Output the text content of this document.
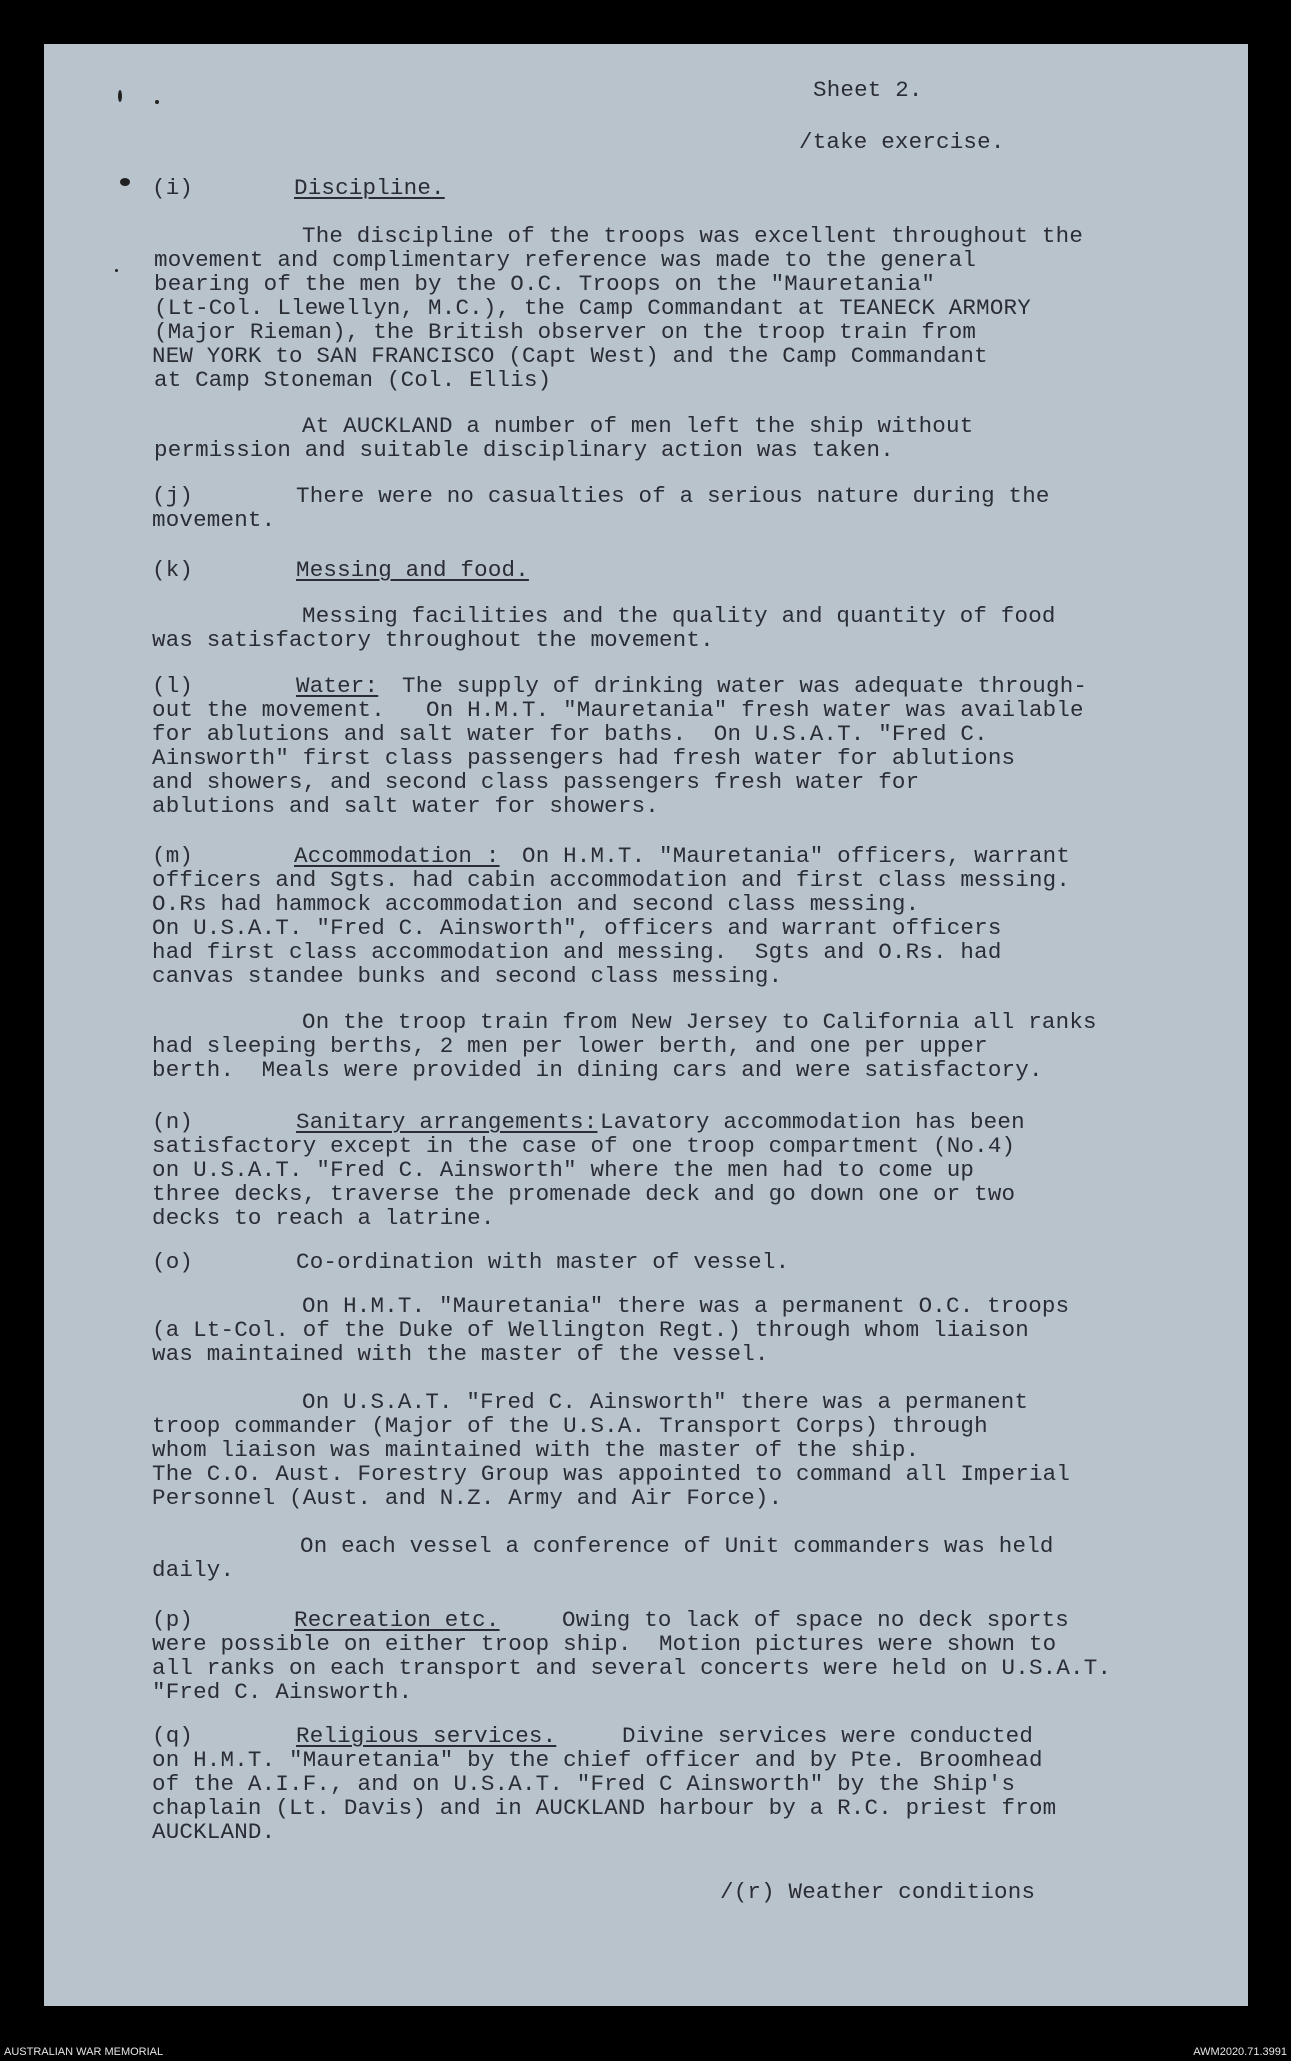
Sheet 2.
/take exercise.
(i)	Discipline.
The discipline of the troops was excellent throughout the
movement and complimentary reference was made to the general
bearing of the men by the O.C. Troops on the "Mauretania"
(Lt-Col. Llewellyn, M.C.), the Camp Commandant at TEANECK ARMORY
(Major Rieman), the British observer on the troop train from
NEW YORK to SAN FRANCISCO (Capt West) and the Camp Commandant
at Camp Stoneman (Col. Ellis)
At AUCKLAND a number of men left the ship without
permission and suitable disciplinary action was taken.
(j)	There were no casualties of a serious nature during the
movement.
(k)	Messing and food.
Messing facilities and the quality and quantity of food
was satisfactory throughout the movement.
(l)	Water: The supply of drinking water was adequate through-
out the movement.   On H.M.T. "Mauretania" fresh water was available
for ablutions and salt water for baths.  On U.S.A.T. "Fred C.
Ainsworth" first class passengers had fresh water for ablutions
and showers, and second class passengers fresh water for
ablutions and salt water for showers.
(m)	Accommodation : On H.M.T. "Mauretania" officers, warrant
officers and Sgts. had cabin accommodation and first class messing.
O.Rs had hammock accommodation and second class messing.
On U.S.A.T. "Fred C. Ainsworth", officers and warrant officers
had first class accommodation and messing.  Sgts and O.Rs. had
canvas standee bunks and second class messing.
On the troop train from New Jersey to California all ranks
had sleeping berths, 2 men per lower berth, and one per upper
berth.  Meals were provided in dining cars and were satisfactory.
(n)	Sanitary arrangements: Lavatory accommodation has been
satisfactory except in the case of one troop compartment (No.4)
on U.S.A.T. "Fred C. Ainsworth" where the men had to come up
three decks, traverse the promenade deck and go down one or two
decks to reach a latrine.
(o)	Co-ordination with master of vessel.
On H.M.T. "Mauretania" there was a permanent O.C. troops
(a Lt-Col. of the Duke of Wellington Regt.) through whom liaison
was maintained with the master of the vessel.
On U.S.A.T. "Fred C. Ainsworth" there was a permanent
troop commander (Major of the U.S.A. Transport Corps) through
whom liaison was maintained with the master of the ship.
The C.O. Aust. Forestry Group was appointed to command all Imperial
Personnel (Aust. and N.Z. Army and Air Force).
On each vessel a conference of Unit commanders was held
daily.
(p)	Recreation etc.	Owing to lack of space no deck sports
were possible on either troop ship.  Motion pictures were shown to
all ranks on each transport and several concerts were held on U.S.A.T.
"Fred C. Ainsworth.
(q)	Religious services.	Divine services were conducted
on H.M.T. "Mauretania" by the chief officer and by Pte. Broomhead
of the A.I.F., and on U.S.A.T. "Fred C Ainsworth" by the Ship's
chaplain (Lt. Davis) and in AUCKLAND harbour by a R.C. priest from
AUCKLAND.
/(r) Weather conditions
AUSTRALIAN WAR MEMORIAL	AWM2020.71.3991
